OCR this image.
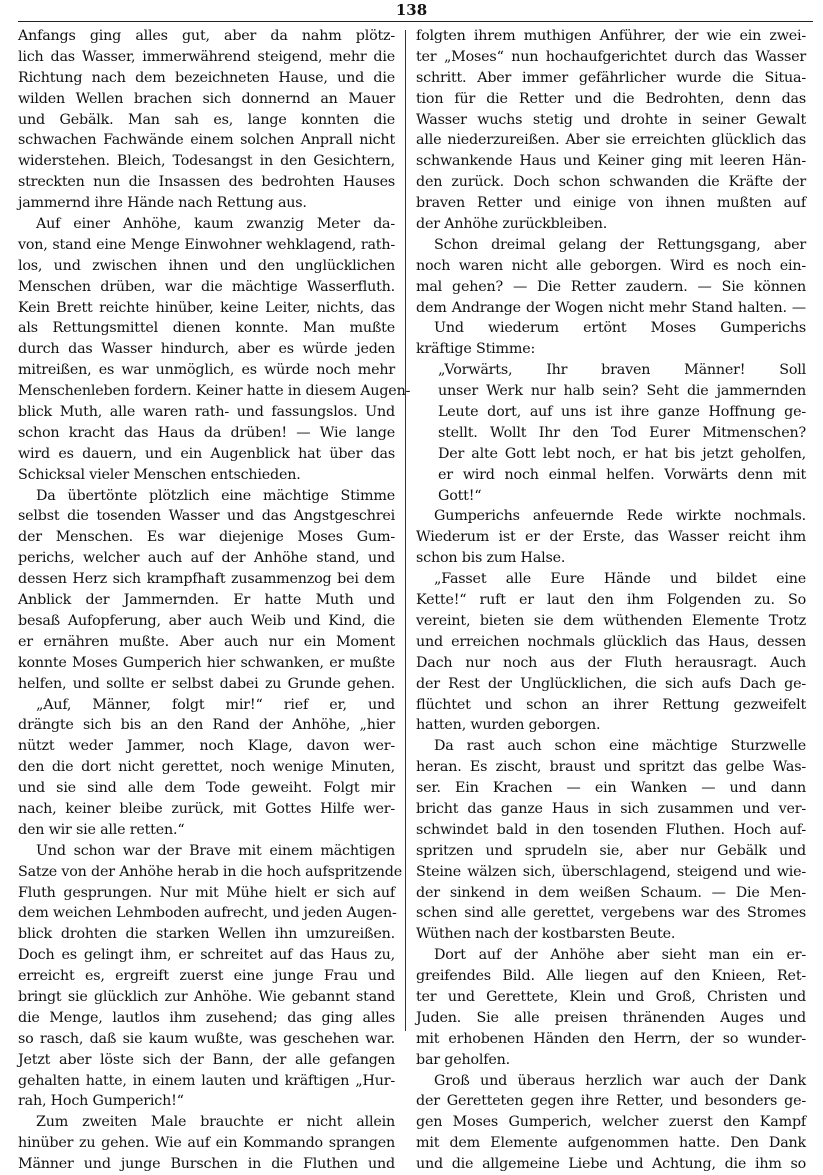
138
Anfangs ging alles gut, aber da nahm plötz-
lich das Wasser, immerwährend steigend, mehr die
Richtung nach dem bezeichneten Hause, und die
wilden Wellen brachen sich donnernd an Mauer
und Gebälk. Man sah es, lange konnten die
schwachen Fachwände einem solchen Anprall nicht
widerstehen. Bleich, Todesangst in den Gesichtern,
streckten nun die Insassen des bedrohten Hauses
jammernd ihre Hände nach Rettung aus.
Auf einer Anhöhe, kaum zwanzig Meter da-
von, stand eine Menge Einwohner wehklagend, rath-
los, und zwischen ihnen und den unglücklichen
Menschen drüben, war die mächtige Wasserfluth.
Kein Brett reichte hinüber, keine Leiter, nichts, das
als Rettungsmittel dienen konnte. Man mußte
durch das Wasser hindurch, aber es würde jeden
mitreißen, es war unmöglich, es würde noch mehr
Menschenleben fordern. Keiner hatte in diesem Augen-
blick Muth, alle waren rath- und fassungslos. Und
schon kracht das Haus da drüben! — Wie lange
wird es dauern, und ein Augenblick hat über das
Schicksal vieler Menschen entschieden.
Da übertönte plötzlich eine mächtige Stimme
selbst die tosenden Wasser und das Angstgeschrei
der Menschen. Es war diejenige Moses Gum-
perichs, welcher auch auf der Anhöhe stand, und
dessen Herz sich krampfhaft zusammenzog bei dem
Anblick der Jammernden. Er hatte Muth und
besaß Aufopferung, aber auch Weib und Kind, die
er ernähren mußte. Aber auch nur ein Moment
konnte Moses Gumperich hier schwanken, er mußte
helfen, und sollte er selbst dabei zu Grunde gehen.
„Auf, Männer, folgt mir!“ rief er, und
drängte sich bis an den Rand der Anhöhe, „hier
nützt weder Jammer, noch Klage, davon wer-
den die dort nicht gerettet, noch wenige Minuten,
und sie sind alle dem Tode geweiht. Folgt mir
nach, keiner bleibe zurück, mit Gottes Hilfe wer-
den wir sie alle retten.“
Und schon war der Brave mit einem mächtigen
Satze von der Anhöhe herab in die hoch aufspritzende
Fluth gesprungen. Nur mit Mühe hielt er sich auf
dem weichen Lehmboden aufrecht, und jeden Augen-
blick drohten die starken Wellen ihn umzureißen.
Doch es gelingt ihm, er schreitet auf das Haus zu,
erreicht es, ergreift zuerst eine junge Frau und
bringt sie glücklich zur Anhöhe. Wie gebannt stand
die Menge, lautlos ihm zusehend; das ging alles
so rasch, daß sie kaum wußte, was geschehen war.
Jetzt aber löste sich der Bann, der alle gefangen
gehalten hatte, in einem lauten und kräftigen „Hur-
rah, Hoch Gumperich!“
Zum zweiten Male brauchte er nicht allein
hinüber zu gehen. Wie auf ein Kommando sprangen
Männer und junge Burschen in die Fluthen und
folgten ihrem muthigen Anführer, der wie ein zwei-
ter „Moses“ nun hochaufgerichtet durch das Wasser
schritt. Aber immer gefährlicher wurde die Situa-
tion für die Retter und die Bedrohten, denn das
Wasser wuchs stetig und drohte in seiner Gewalt
alle niederzureißen. Aber sie erreichten glücklich das
schwankende Haus und Keiner ging mit leeren Hän-
den zurück. Doch schon schwanden die Kräfte der
braven Retter und einige von ihnen mußten auf
der Anhöhe zurückbleiben.
Schon dreimal gelang der Rettungsgang, aber
noch waren nicht alle geborgen. Wird es noch ein-
mal gehen? — Die Retter zaudern. — Sie können
dem Andrange der Wogen nicht mehr Stand halten. —
Und wiederum ertönt Moses Gumperichs
kräftige Stimme:
„Vorwärts, Ihr braven Männer! Soll
unser Werk nur halb sein? Seht die jammernden
Leute dort, auf uns ist ihre ganze Hoffnung ge-
stellt. Wollt Ihr den Tod Eurer Mitmenschen?
Der alte Gott lebt noch, er hat bis jetzt geholfen,
er wird noch einmal helfen. Vorwärts denn mit
Gott!“
Gumperichs anfeuernde Rede wirkte nochmals.
Wiederum ist er der Erste, das Wasser reicht ihm
schon bis zum Halse.
„Fasset alle Eure Hände und bildet eine
Kette!“ ruft er laut den ihm Folgenden zu. So
vereint, bieten sie dem wüthenden Elemente Trotz
und erreichen nochmals glücklich das Haus, dessen
Dach nur noch aus der Fluth herausragt. Auch
der Rest der Unglücklichen, die sich aufs Dach ge-
flüchtet und schon an ihrer Rettung gezweifelt
hatten, wurden geborgen.
Da rast auch schon eine mächtige Sturzwelle
heran. Es zischt, braust und spritzt das gelbe Was-
ser. Ein Krachen — ein Wanken — und dann
bricht das ganze Haus in sich zusammen und ver-
schwindet bald in den tosenden Fluthen. Hoch auf-
spritzen und sprudeln sie, aber nur Gebälk und
Steine wälzen sich, überschlagend, steigend und wie-
der sinkend in dem weißen Schaum. — Die Men-
schen sind alle gerettet, vergebens war des Stromes
Wüthen nach der kostbarsten Beute.
Dort auf der Anhöhe aber sieht man ein er-
greifendes Bild. Alle liegen auf den Knieen, Ret-
ter und Gerettete, Klein und Groß, Christen und
Juden. Sie alle preisen thränenden Auges und
mit erhobenen Händen den Herrn, der so wunder-
bar geholfen.
Groß und überaus herzlich war auch der Dank
der Geretteten gegen ihre Retter, und besonders ge-
gen Moses Gumperich, welcher zuerst den Kampf
mit dem Elemente aufgenommen hatte. Den Dank
und die allgemeine Liebe und Achtung, die ihm so
